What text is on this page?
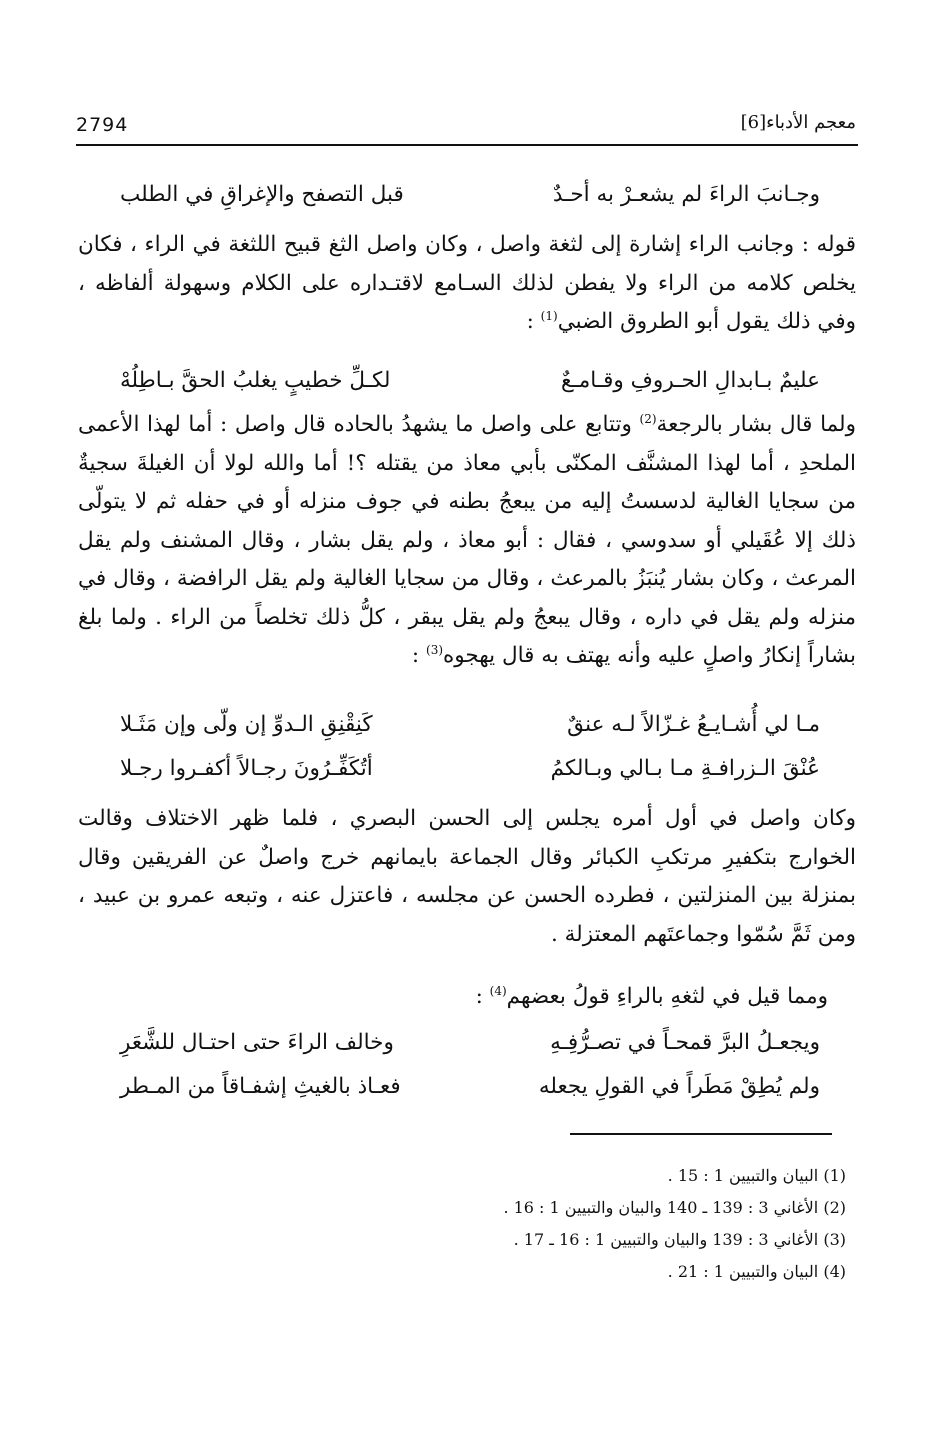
2794	معجم الأدباء[6]
وجـانبَ الراءَ لم يشعـرْ به أحـدٌ
قبل التصفح والإغراقِ في الطلب

قوله : وجانب الراء إشارة إلى لثغة واصل ، وكان واصل الثغ قبيح اللثغة في الراء ، فكان يخلص كلامه من الراء ولا يفطن لذلك السـامع لاقتـداره على الكلام وسهولة ألفاظه ، وفي ذلك يقول أبو الطروق الضبي$^{(1)}$ :

عليمٌ بـابدالِ الحـروفِ وقـامـعٌ
لكـلِّ خطيبٍ يغلبُ الحقَّ بـاطِلُهْ

ولما قال بشار بالرجعة$^{(2)}$ وتتابع على واصل ما يشهدُ بالحاده قال واصل : أما لهذا الأعمى الملحدِ ، أما لهذا المشنَّف المكنّى بأبي معاذ من يقتله ؟! أما والله لولا أن الغيلةَ سجيةٌ من سجايا الغالية لدسستُ إليه من يبعجُ بطنه في جوف منزله أو في حفله ثم لا يتولّى ذلك إلا عُقَيلي أو سدوسي ، فقال : أبو معاذ ، ولم يقل بشار ، وقال المشنف ولم يقل المرعث ، وكان بشار يُنبَزُ بالمرعث ، وقال من سجايا الغالية ولم يقل الرافضة ، وقال في منزله ولم يقل في داره ، وقال يبعجُ ولم يقل يبقر ، كلُّ ذلك تخلصاً من الراء . ولما بلغ بشاراً إنكارُ واصلٍ عليه وأنه يهتف به قال يهجوه$^{(3)}$ :

مـا لي أُشـايـعُ غـزّالاً لـه عنقٌ
كَنِقْنِقِ الـدوِّ إن ولّى وإن مَثَـلا
عُنْقَ الـزرافـةِ مـا بـالي وبـالكمُ
أتُكَفِّـرُونَ رجـالاً أكفـروا رجـلا

وكان واصل في أول أمره يجلس إلى الحسن البصري ، فلما ظهر الاختلاف وقالت الخوارج بتكفيرِ مرتكبِ الكبائر وقال الجماعة بايمانهم خرج واصلٌ عن الفريقين وقال بمنزلة بين المنزلتين ، فطرده الحسن عن مجلسه ، فاعتزل عنه ، وتبعه عمرو بن عبيد ، ومن ثَمَّ سُمّوا وجماعتَهم المعتزلة .

ومما قيل في لثغهِ بالراءِ قولُ بعضهم$^{(4)}$ :

ويجعـلُ البرَّ قمحـاً في تصـرُّفِـهِ
وخالف الراءَ حتى احتـال للشَّعَرِ
ولم يُطِقْ مَطَراً في القولِ يجعله
فعـاذ بالغيثِ إشفـاقاً من المـطر
(1) البيان والتبيين 1 : 15 .
(2) الأغاني 3 : 139 ـ 140 والبيان والتبيين 1 : 16 .
(3) الأغاني 3 : 139 والبيان والتبيين 1 : 16 ـ 17 .
(4) البيان والتبيين 1 : 21 .
